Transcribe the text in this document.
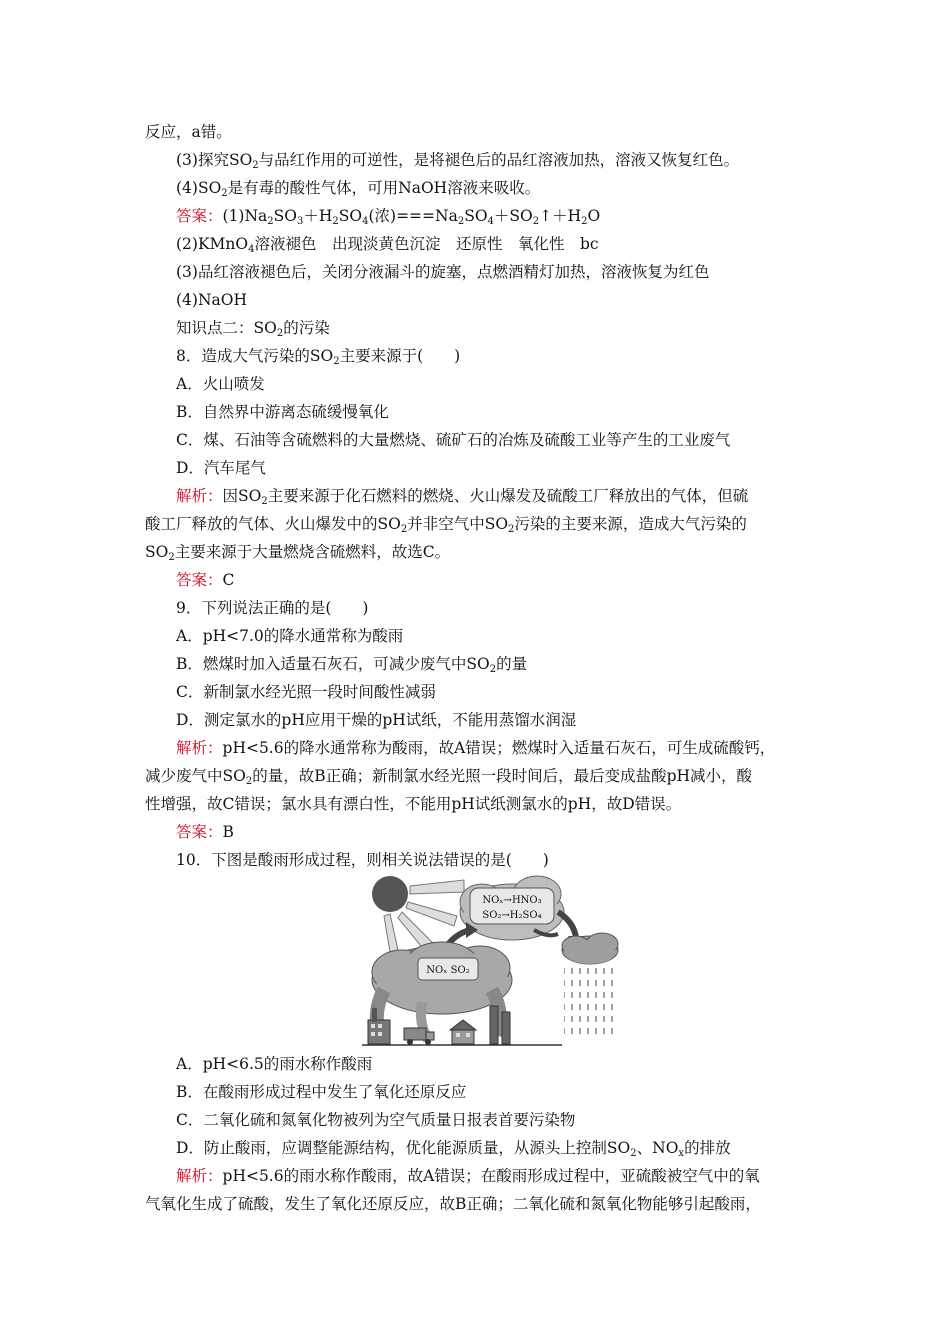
反应，a错。
(3)探究$SO_2$与品红作用的可逆性，是将褪色后的品红溶液加热，溶液又恢复红色。
$(4)SO_2$是有毒的酸性气体，可用NaOH溶液来吸收。
答案：$(1)Na_2SO_3+H_2SO_4$(浓)$===Na_2SO_4+SO_2↑+H_2O$
(2)KMnO$_4$溶液褪色　出现淡黄色沉淀　还原性　氧化性　bc
(3)品红溶液褪色后，关闭分液漏斗的旋塞，点燃酒精灯加热，溶液恢复为红色
(4)NaOH
知识点二：$SO_2$的污染
8．造成大气污染的$SO_2$主要来源于(　　)
A．火山喷发
B．自然界中游离态硫缓慢氧化
C．煤、石油等含硫燃料的大量燃烧、硫矿石的冶炼及硫酸工业等产生的工业废气
D．汽车尾气
解析：因$SO_2$主要来源于化石燃料的燃烧、火山爆发及硫酸工厂释放出的气体，但硫
酸工厂释放的气体、火山爆发中的$SO_2$并非空气中$SO_2$污染的主要来源，造成大气污染的
$SO_2$主要来源于大量燃烧含硫燃料，故选C。
答案：C
9．下列说法正确的是(　　)
A．pH<7.0的降水通常称为酸雨
B．燃煤时加入适量石灰石，可减少废气中$SO_2$的量
C．新制氯水经光照一段时间酸性减弱
D．测定氯水的pH应用干燥的pH试纸，不能用蒸馏水润湿
解析：pH<5.6的降水通常称为酸雨，故A错误；燃煤时入适量石灰石，可生成硫酸钙，
减少废气中$SO_2$的量，故B正确；新制氯水经光照一段时间后，最后变成盐酸pH减小，酸
性增强，故C错误；氯水具有漂白性，不能用pH试纸测氯水的pH，故D错误。
答案：B
10．下图是酸雨形成过程，则相关说法错误的是(　　)
NOₓ→HNO₃
SO₂→H₂SO₄
NOₓ SO₂
A．pH<6.5的雨水称作酸雨
B．在酸雨形成过程中发生了氧化还原反应
C．二氧化硫和氮氧化物被列为空气质量日报表首要污染物
D．防止酸雨，应调整能源结构，优化能源质量，从源头上控制$SO_2$、$NO_x$的排放
解析：pH<5.6的雨水称作酸雨，故A错误；在酸雨形成过程中，亚硫酸被空气中的氧
气氧化生成了硫酸，发生了氧化还原反应，故B正确；二氧化硫和氮氧化物能够引起酸雨，
